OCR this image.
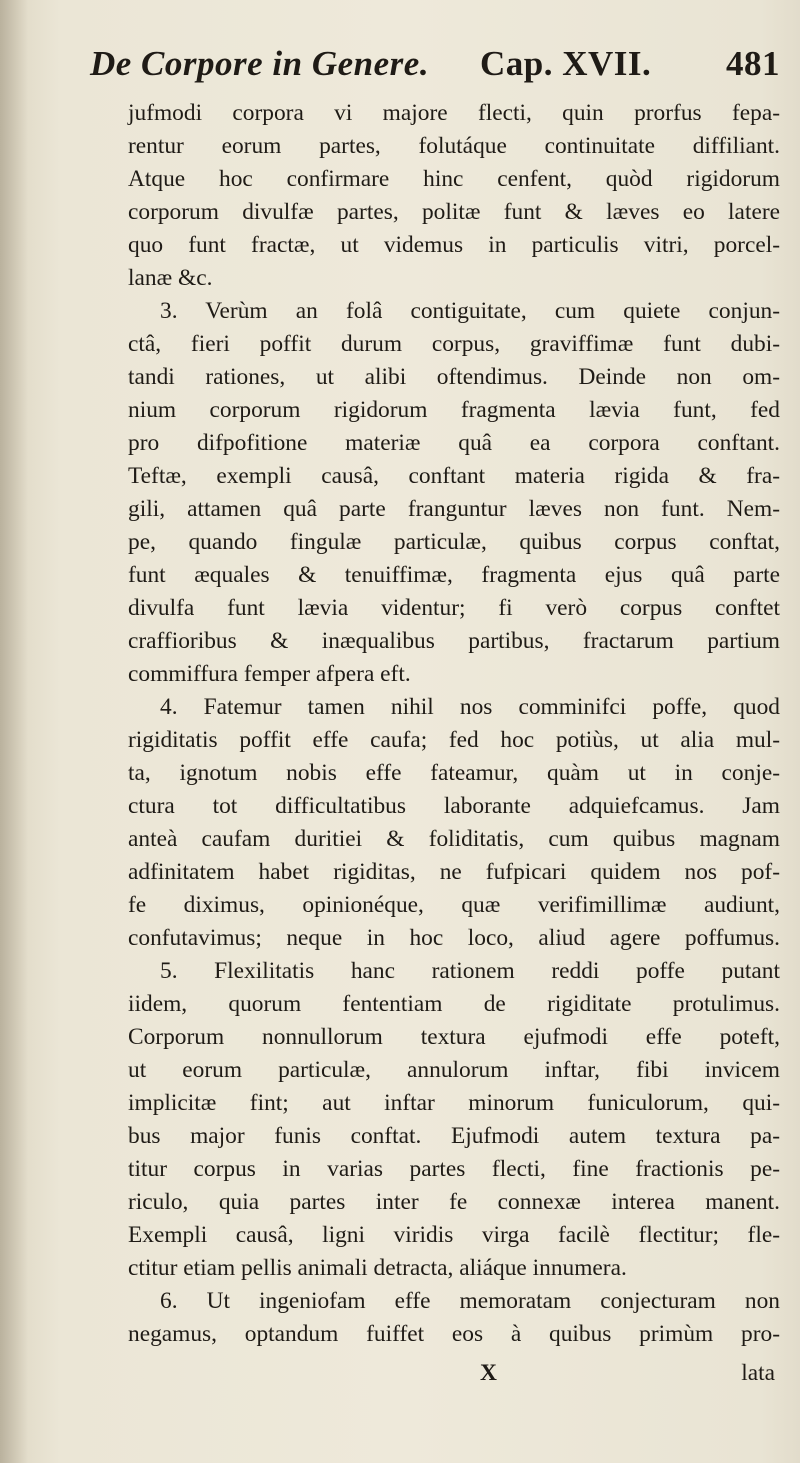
De Corpore in Genere. Cap. XVII. 481
jufmodi corpora vi majore flecti, quin prorfus fepa-
rentur eorum partes, folutáque continuitate diffiliant.
Atque hoc confirmare hinc cenfent, quòd rigidorum
corporum divulfæ partes, politæ funt & læves eo latere
quo funt fractæ, ut videmus in particulis vitri, porcel-
lanæ &c.
3. Verùm an folâ contiguitate, cum quiete conjun-
ctâ, fieri poffit durum corpus, graviffimæ funt dubi-
tandi rationes, ut alibi oftendimus. Deinde non om-
nium corporum rigidorum fragmenta lævia funt, fed
pro difpofitione materiæ quâ ea corpora conftant.
Teftæ, exempli causâ, conftant materia rigida & fra-
gili, attamen quâ parte franguntur læves non funt. Nem-
pe, quando fingulæ particulæ, quibus corpus conftat,
funt æquales & tenuiffimæ, fragmenta ejus quâ parte
divulfa funt lævia videntur; fi verò corpus conftet
craffioribus & inæqualibus partibus, fractarum partium
commiffura femper afpera eft.
4. Fatemur tamen nihil nos comminifci poffe, quod
rigiditatis poffit effe caufa; fed hoc potiùs, ut alia mul-
ta, ignotum nobis effe fateamur, quàm ut in conje-
ctura tot difficultatibus laborante adquiefcamus. Jam
anteà caufam duritiei & foliditatis, cum quibus magnam
adfinitatem habet rigiditas, ne fufpicari quidem nos pof-
fe diximus, opinionéque, quæ verifimillimæ audiunt,
confutavimus; neque in hoc loco, aliud agere poffumus.
5. Flexilitatis hanc rationem reddi poffe putant
iidem, quorum fententiam de rigiditate protulimus.
Corporum nonnullorum textura ejufmodi effe poteft,
ut eorum particulæ, annulorum inftar, fibi invicem
implicitæ fint; aut inftar minorum funiculorum, qui-
bus major funis conftat. Ejufmodi autem textura pa-
titur corpus in varias partes flecti, fine fractionis pe-
riculo, quia partes inter fe connexæ interea manent.
Exempli causâ, ligni viridis virga facilè flectitur; fle-
ctitur etiam pellis animali detracta, aliáque innumera.
6. Ut ingeniofam effe memoratam conjecturam non
negamus, optandum fuiffet eos à quibus primùm pro-
X	lata
